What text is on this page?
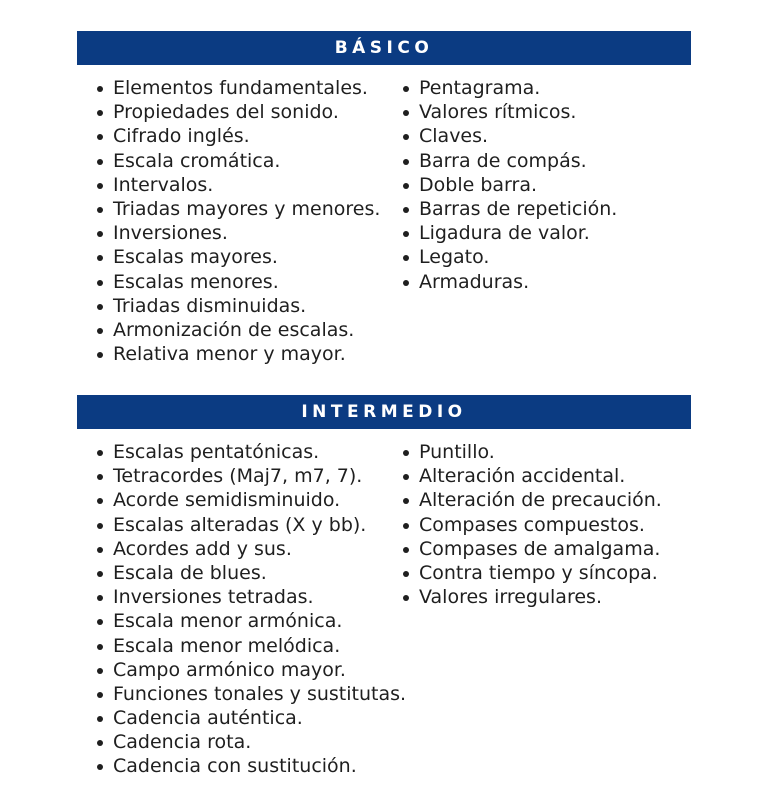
BÁSICO
Elementos fundamentales.
Propiedades del sonido.
Cifrado inglés.
Escala cromática.
Intervalos.
Triadas mayores y menores.
Inversiones.
Escalas mayores.
Escalas menores.
Triadas disminuidas.
Armonización de escalas.
Relativa menor y mayor.
Pentagrama.
Valores rítmicos.
Claves.
Barra de compás.
Doble barra.
Barras de repetición.
Ligadura de valor.
Legato.
Armaduras.
INTERMEDIO
Escalas pentatónicas.
Tetracordes (Maj7, m7, 7).
Acorde semidisminuido.
Escalas alteradas (X y bb).
Acordes add y sus.
Escala de blues.
Inversiones tetradas.
Escala menor armónica.
Escala menor melódica.
Campo armónico mayor.
Funciones tonales y sustitutas.
Cadencia auténtica.
Cadencia rota.
Cadencia con sustitución.
Puntillo.
Alteración accidental.
Alteración de precaución.
Compases compuestos.
Compases de amalgama.
Contra tiempo y síncopa.
Valores irregulares.
